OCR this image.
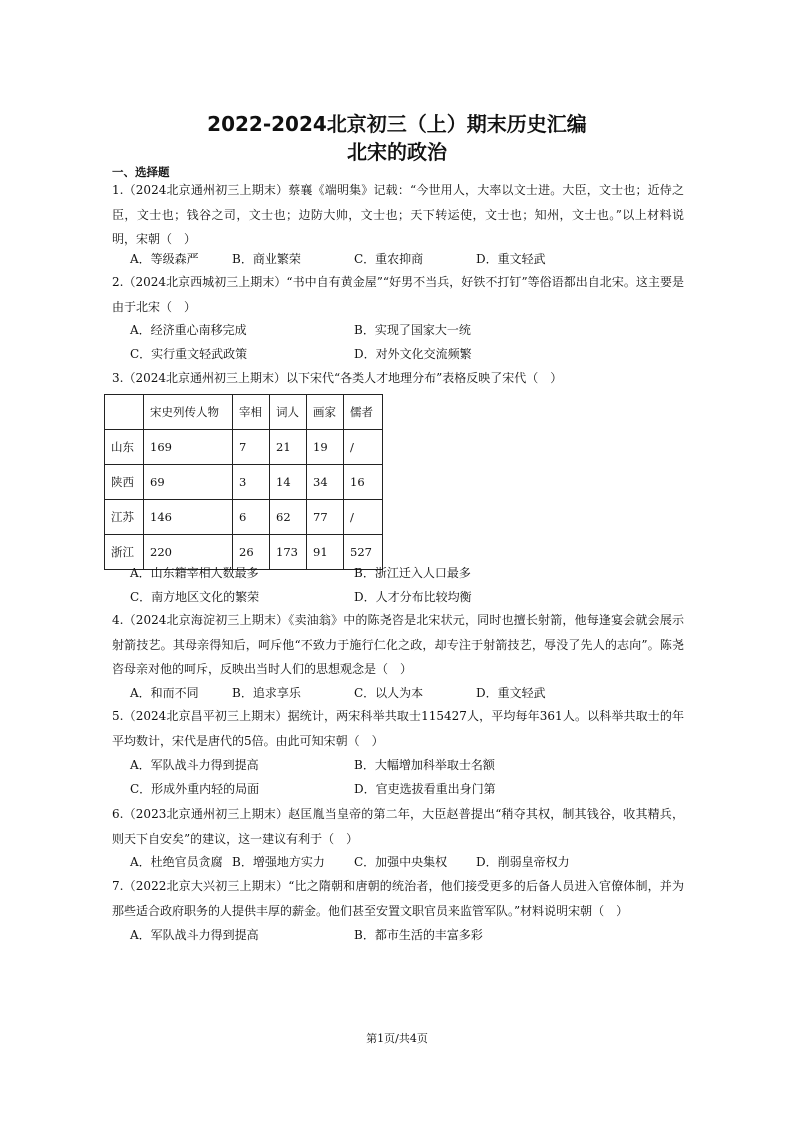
2022-2024北京初三（上）期末历史汇编
北宋的政治
一、选择题
1.（2024北京通州初三上期末）蔡襄《端明集》记载：“今世用人，大率以文士进。大臣，文士也；近侍之臣，文士也；钱谷之司，文士也；边防大帅，文士也；天下转运使，文士也；知州，文士也。”以上材料说明，宋朝（　）
A．等级森严	B．商业繁荣	C．重农抑商	D．重文轻武
2.（2024北京西城初三上期末）“书中自有黄金屋”“好男不当兵，好铁不打钉”等俗语都出自北宋。这主要是由于北宋（　）
A．经济重心南移完成	B．实现了国家大一统
C．实行重文轻武政策	D．对外文化交流频繁
3.（2024北京通州初三上期末）以下宋代“各类人才地理分布”表格反映了宋代（　）
	宋史列传人物	宰相	词人	画家	儒者
山东	169	7	21	19	/
陕西	69	3	14	34	16
江苏	146	6	62	77	/
浙江	220	26	173	91	527
A．山东籍宰相人数最多	B．浙江迁入人口最多
C．南方地区文化的繁荣	D．人才分布比较均衡
4.（2024北京海淀初三上期末）《卖油翁》中的陈尧咨是北宋状元，同时也擅长射箭，他每逢宴会就会展示射箭技艺。其母亲得知后，呵斥他“不致力于施行仁化之政，却专注于射箭技艺，辱没了先人的志向”。陈尧咨母亲对他的呵斥，反映出当时人们的思想观念是（　）
A．和而不同	B．追求享乐	C．以人为本	D．重文轻武
5.（2024北京昌平初三上期末）据统计，两宋科举共取士115427人，平均每年361人。以科举共取士的年平均数计，宋代是唐代的5倍。由此可知宋朝（　）
A．军队战斗力得到提高	B．大幅增加科举取士名额
C．形成外重内轻的局面	D．官吏选拔看重出身门第
6.（2023北京通州初三上期末）赵匡胤当皇帝的第二年，大臣赵普提出“稍夺其权，制其钱谷，收其精兵，则天下自安矣”的建议，这一建议有利于（　）
A．杜绝官员贪腐 B．增强地方实力 C．加强中央集权 D．削弱皇帝权力
7.（2022北京大兴初三上期末）“比之隋朝和唐朝的统治者，他们接受更多的后备人员进入官僚体制，并为那些适合政府职务的人提供丰厚的薪金。他们甚至安置文职官员来监管军队。”材料说明宋朝（　）
A．军队战斗力得到提高	B．都市生活的丰富多彩
第1页/共4页
